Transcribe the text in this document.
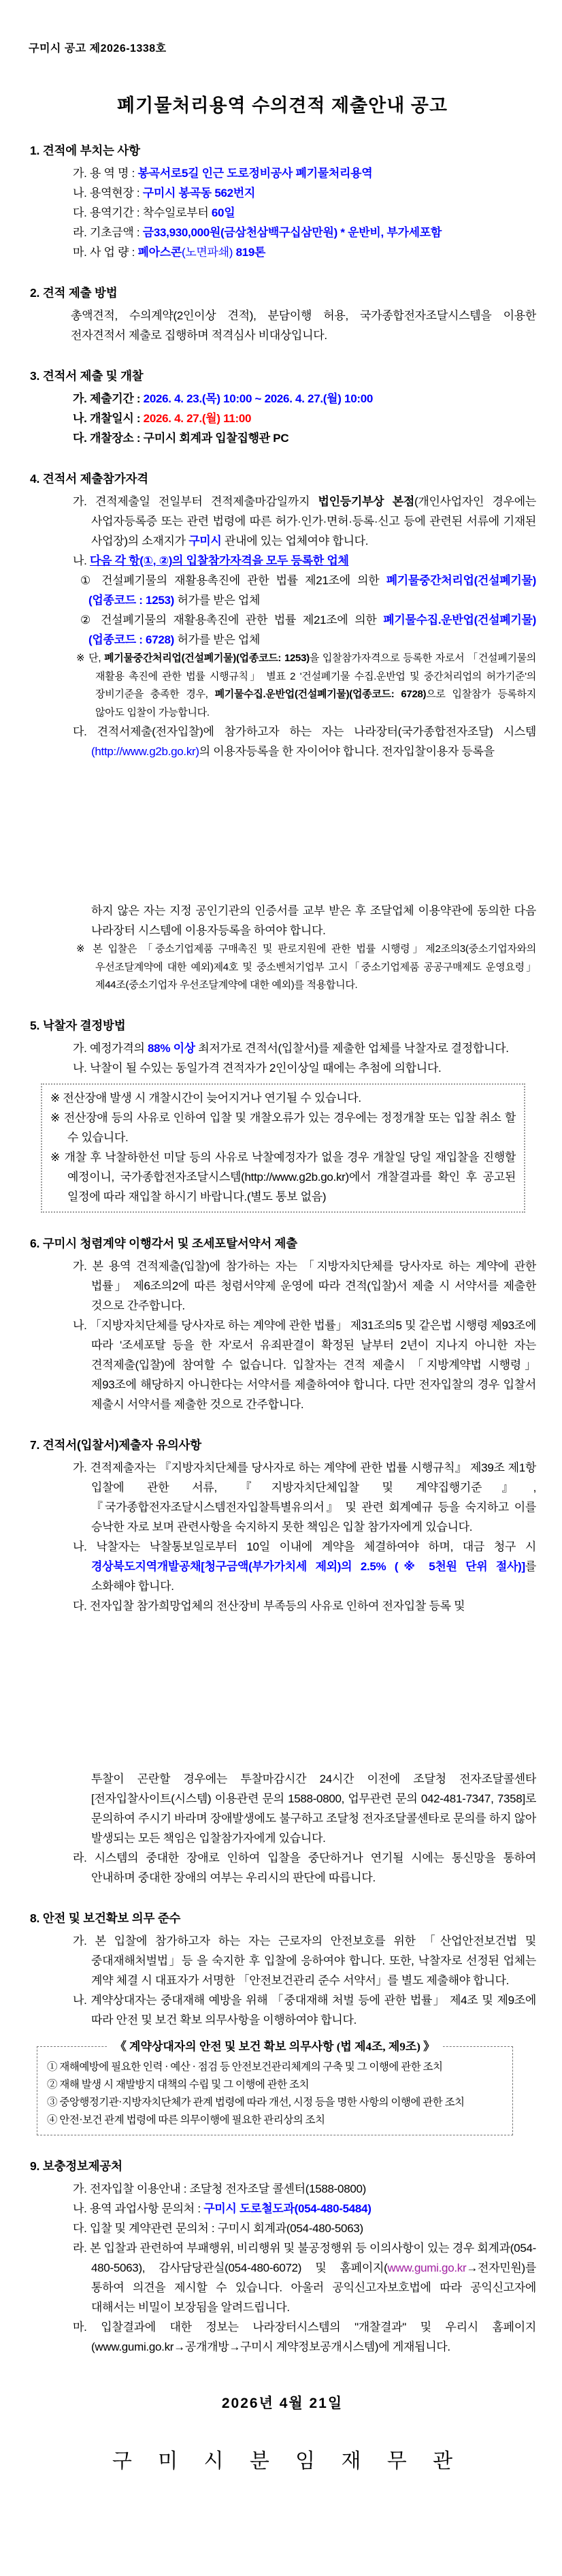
구미시 공고 제2026-1338호
폐기물처리용역 수의견적 제출안내 공고
1. 견적에 부치는 사항

가. 용 역 명 : 봉곡서로5길 인근 도로정비공사 폐기물처리용역

나. 용역현장 : 구미시 봉곡동 562번지

다. 용역기간 : 착수일로부터 60일

라. 기초금액 : 금33,930,000원(금삼천삼백구십삼만원) * 운반비, 부가세포함

마. 사 업 량 : 폐아스콘(노면파쇄) 819톤

2. 견적 제출 방법

총액견적, 수의계약(2인이상 견적), 분담이행 허용, 국가종합전자조달시스템을 이용한 전자견적서 제출로 집행하며 적격심사 비대상입니다.

3. 견적서 제출 및 개찰

가. 제출기간 : 2026. 4. 23.(목) 10:00 ~ 2026. 4. 27.(월) 10:00

나. 개찰일시 : 2026. 4. 27.(월) 11:00

다. 개찰장소 : 구미시 회계과 입찰집행관 PC

4. 견적서 제출참가자격

가. 견적제출일 전일부터 견적제출마감일까지 법인등기부상 본점(개인사업자인 경우에는 사업자등록증 또는 관련 법령에 따른 허가·인가·면허·등록·신고 등에 관련된 서류에 기재된 사업장)의 소재지가 구미시 관내에 있는 업체여야 합니다.

나. 다음 각 항(①, ②)의 입찰참가자격을 모두 등록한 업체

① 건설폐기물의 재활용촉진에 관한 법률 제21조에 의한 폐기물중간처리업(건설폐기물) (업종코드 : 1253) 허가를 받은 업체

② 건설폐기물의 재활용촉진에 관한 법률 제21조에 의한 폐기물수집.운반업(건설폐기물) (업종코드 : 6728) 허가를 받은 업체

※ 단, 폐기물중간처리업(건설폐기물)(업종코드: 1253)을 입찰참가자격으로 등록한 자로서 「건설폐기물의 재활용 촉진에 관한 법률 시행규칙」 별표 2 '건설폐기물 수집.운반업 및 중간처리업의 허가기준'의 장비기준을 충족한 경우, 폐기물수집.운반업(건설폐기물)(업종코드: 6728)으로 입찰참가 등록하지 않아도 입찰이 가능합니다.

다. 견적서제출(전자입찰)에 참가하고자 하는 자는 나라장터(국가종합전자조달) 시스템 (http://www.g2b.go.kr)의 이용자등록을 한 자이어야 합니다. 전자입찰이용자 등록을

하지 않은 자는 지정 공인기관의 인증서를 교부 받은 후 조달업체 이용약관에 동의한 다음 나라장터 시스템에 이용자등록을 하여야 합니다.

※ 본 입찰은 「중소기업제품 구매촉진 및 판로지원에 관한 법률 시행령」제2조의3(중소기업자와의 우선조달계약에 대한 예외)제4호 및 중소벤처기업부 고시「중소기업제품 공공구매제도 운영요령」 제44조(중소기업자 우선조달계약에 대한 예외)를 적용합니다.

5. 낙찰자 결정방법

가. 예정가격의 88% 이상 최저가로 견적서(입찰서)를 제출한 업체를 낙찰자로 결정합니다.

나. 낙찰이 될 수있는 동일가격 견적자가 2인이상일 때에는 추첨에 의합니다.

※ 전산장애 발생 시 개찰시간이 늦어지거나 연기될 수 있습니다.

※ 전산장애 등의 사유로 인하여 입찰 및 개찰오류가 있는 경우에는 정정개찰 또는 입찰 취소 할 수 있습니다.

※ 개찰 후 낙찰하한선 미달 등의 사유로 낙찰예정자가 없을 경우 개찰일 당일 재입찰을 진행할 예정이니, 국가종합전자조달시스템(http://www.g2b.go.kr)에서 개찰결과를 확인 후 공고된 일정에 따라 재입찰 하시기 바랍니다.(별도 통보 없음)

6. 구미시 청렴계약 이행각서 및 조세포탈서약서 제출

가. 본 용역 견적제출(입찰)에 참가하는 자는 「지방자치단체를 당사자로 하는 계약에 관한 법률」 제6조의2에 따른 청렴서약제 운영에 따라 견적(입찰)서 제출 시 서약서를 제출한 것으로 간주합니다.

나. 「지방자치단체를 당사자로 하는 계약에 관한 법률」 제31조의5 및 같은법 시행령 제93조에 따라 '조세포탈 등을 한 자'로서 유죄판결이 확정된 날부터 2년이 지나지 아니한 자는 견적제출(입찰)에 참여할 수 없습니다. 입찰자는 견적 제출시 「지방계약법 시행령」 제93조에 해당하지 아니한다는 서약서를 제출하여야 합니다. 다만 전자입찰의 경우 입찰서 제출시 서약서를 제출한 것으로 간주합니다.

7. 견적서(입찰서)제출자 유의사항

가. 견적제출자는 『지방자치단체를 당사자로 하는 계약에 관한 법률 시행규칙』 제39조 제1항 입찰에 관한 서류, 『지방자치단체입찰 및 계약집행기준』, 『국가종합전자조달시스템전자입찰특별유의서』 및 관련 회계예규 등을 숙지하고 이를 승낙한 자로 보며 관련사항을 숙지하지 못한 책임은 입찰 참가자에게 있습니다.

나. 낙찰자는 낙찰통보일로부터 10일 이내에 계약을 체결하여야 하며, 대금 청구 시 경상북도지역개발공채[청구금액(부가가치세 제외)의 2.5% (※ 5천원 단위 절사)]를 소화해야 합니다.

다. 전자입찰 참가희망업체의 전산장비 부족등의 사유로 인하여 전자입찰 등록 및

투찰이 곤란할 경우에는 투찰마감시간 24시간 이전에 조달청 전자조달콜센타[전자입찰사이트(시스템) 이용관련 문의 1588-0800, 업무관련 문의 042-481-7347, 7358]로 문의하여 주시기 바라며 장애발생에도 불구하고 조달청 전자조달콜센타로 문의를 하지 않아 발생되는 모든 책임은 입찰참가자에게 있습니다.

라. 시스템의 중대한 장애로 인하여 입찰을 중단하거나 연기될 시에는 통신망을 통하여 안내하며 중대한 장애의 여부는 우리시의 판단에 따릅니다.

8. 안전 및 보건확보 의무 준수

가. 본 입찰에 참가하고자 하는 자는 근로자의 안전보호를 위한 「산업안전보건법 및 중대재해처벌법」등 을 숙지한 후 입찰에 응하여야 합니다. 또한, 낙찰자로 선정된 업체는 계약 체결 시 대표자가 서명한 「안전보건관리 준수 서약서」를 별도 제출해야 합니다.

나. 계약상대자는 중대재해 예방을 위해 「중대재해 처벌 등에 관한 법률」 제4조 및 제9조에 따라 안전 및 보건 확보 의무사항을 이행하여야 합니다.

《 계약상대자의 안전 및 보건 확보 의무사항 (법 제4조, 제9조) 》

① 재해예방에 필요한 인력 · 예산 · 점검 등 안전보건관리체계의 구축 및 그 이행에 관한 조치

② 재해 발생 시 재발방지 대책의 수립 및 그 이행에 관한 조치

③ 중앙행정기관·지방자치단체가 관계 법령에 따라 개선, 시정 등을 명한 사항의 이행에 관한 조치

④ 안전·보건 관계 법령에 따른 의무이행에 필요한 관리상의 조치

9. 보충정보제공처

가. 전자입찰 이용안내 : 조달청 전자조달 콜센터(1588-0800)

나. 용역 과업사항 문의처 : 구미시 도로철도과(054-480-5484)

다. 입찰 및 계약관련 문의처 : 구미시 회계과(054-480-5063)

라. 본 입찰과 관련하여 부패행위, 비리행위 및 불공정행위 등 이의사항이 있는 경우 회계과(054-480-5063), 감사담당관실(054-480-6072) 및 홈페이지(www.gumi.go.kr→전자민원)를 통하여 의견을 제시할 수 있습니다. 아울러 공익신고자보호법에 따라 공익신고자에 대해서는 비밀이 보장됨을 알려드립니다.

마. 입찰결과에 대한 정보는 나라장터시스템의 "개찰결과" 및 우리시 홈페이지 (www.gumi.go.kr→공개개방→구미시 계약정보공개시스템)에 게재됩니다.

2026년 4월 21일
구 미 시 분 임 재 무 관
